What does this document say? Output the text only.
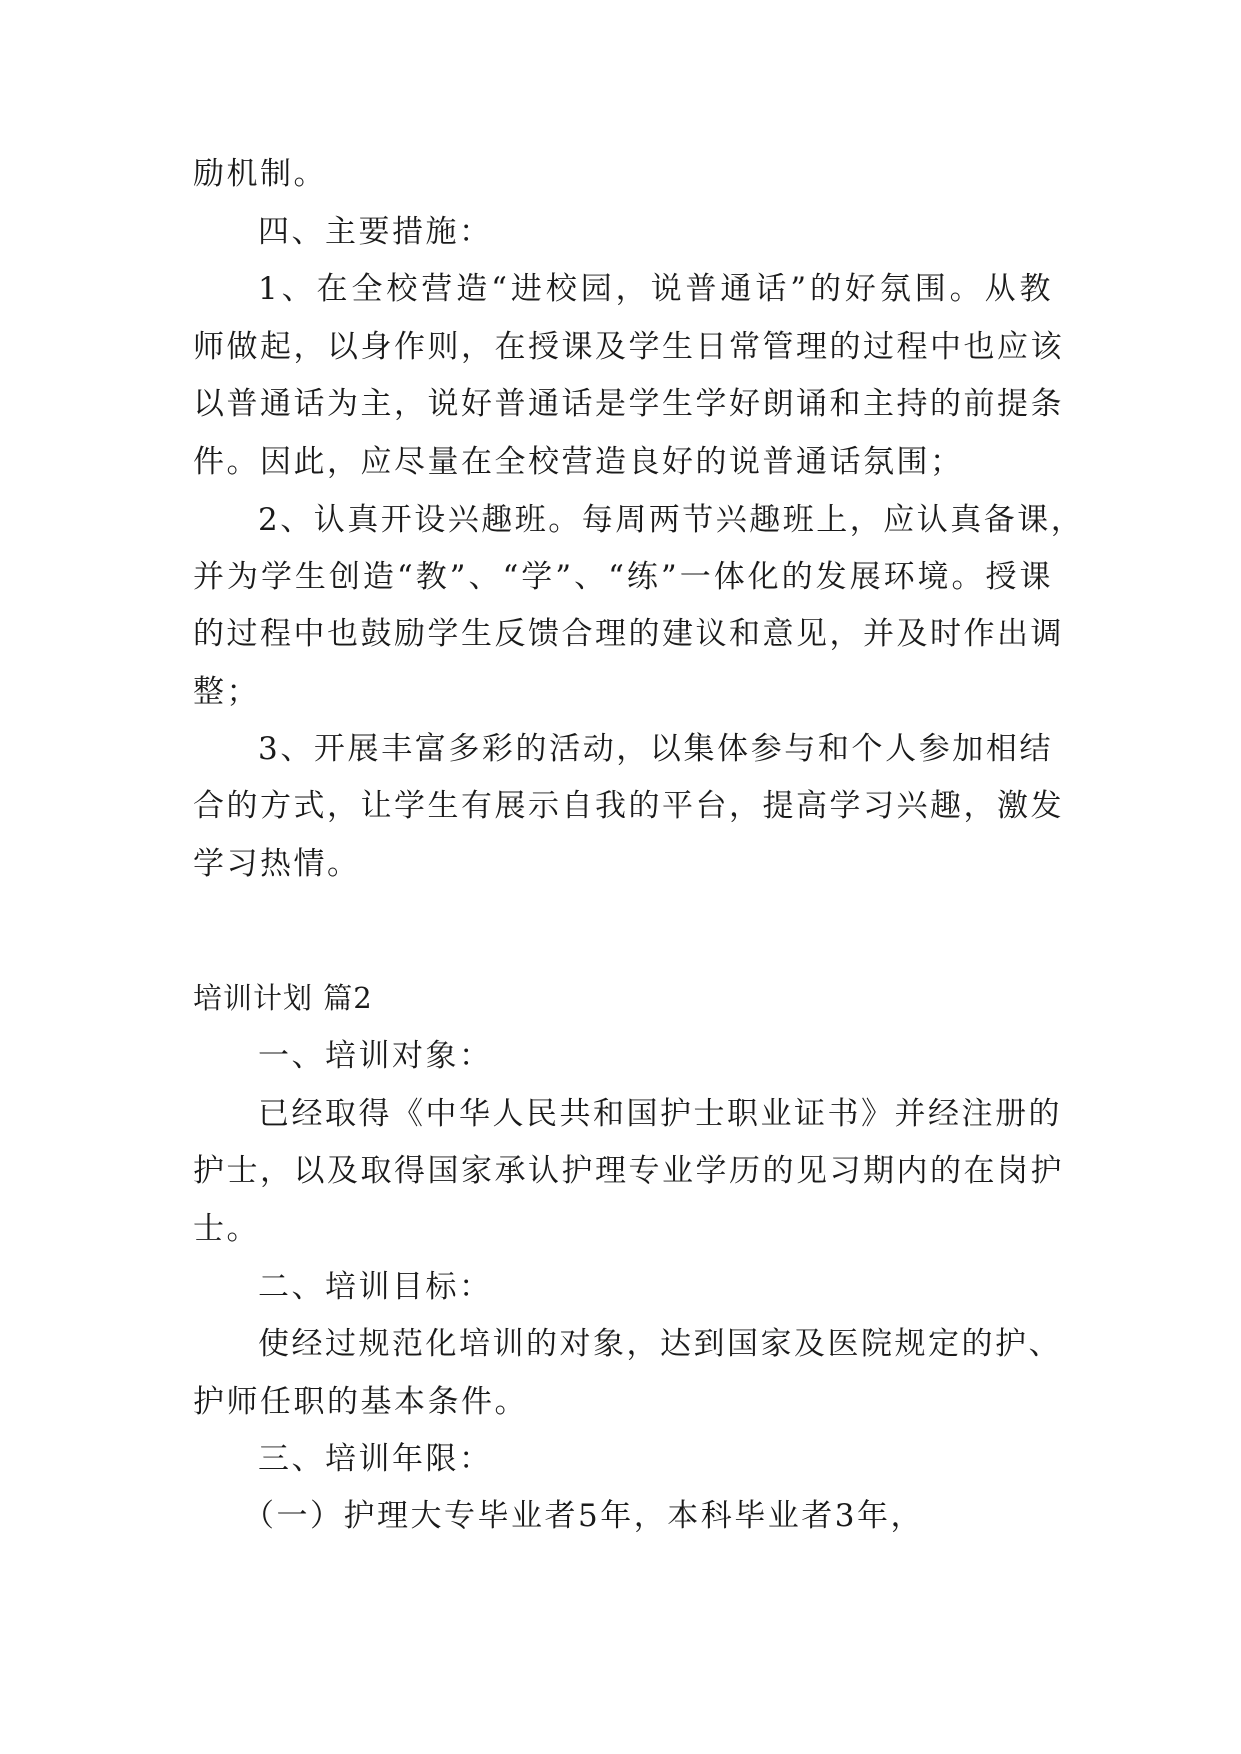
励机制。
四、主要措施：
1、在全校营造“进校园，说普通话”的好氛围。从教
师做起，以身作则，在授课及学生日常管理的过程中也应该
以普通话为主，说好普通话是学生学好朗诵和主持的前提条
件。因此，应尽量在全校营造良好的说普通话氛围；
2、认真开设兴趣班。每周两节兴趣班上，应认真备课，
并为学生创造“教”、“学”、“练”一体化的发展环境。授课
的过程中也鼓励学生反馈合理的建议和意见，并及时作出调
整；
3、开展丰富多彩的活动，以集体参与和个人参加相结
合的方式，让学生有展示自我的平台，提高学习兴趣，激发
学习热情。
培训计划 篇2
一、培训对象：
已经取得《中华人民共和国护士职业证书》并经注册的
护士，以及取得国家承认护理专业学历的见习期内的在岗护
士。
二、培训目标：
使经过规范化培训的对象，达到国家及医院规定的护、
护师任职的基本条件。
三、培训年限：
（一）护理大专毕业者5年，本科毕业者3年，
